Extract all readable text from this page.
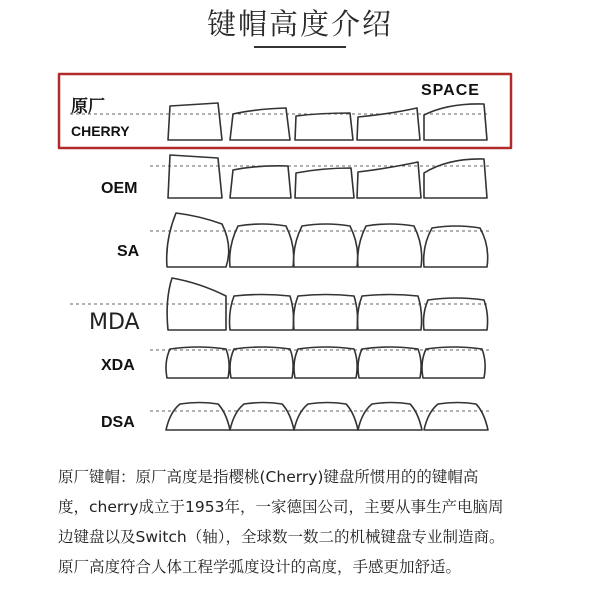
键帽高度介绍
原厂
CHERRY
SPACE
OEM
SA
XDA
DSA
MDA

原厂键帽：原厂高度是指樱桃(Cherry)键盘所惯用的的键帽高

度，cherry成立于1953年，一家德国公司，主要从事生产电脑周

边键盘以及Switch（轴），全球数一数二的机械键盘专业制造商。

原厂高度符合人体工程学弧度设计的高度，手感更加舒适。
